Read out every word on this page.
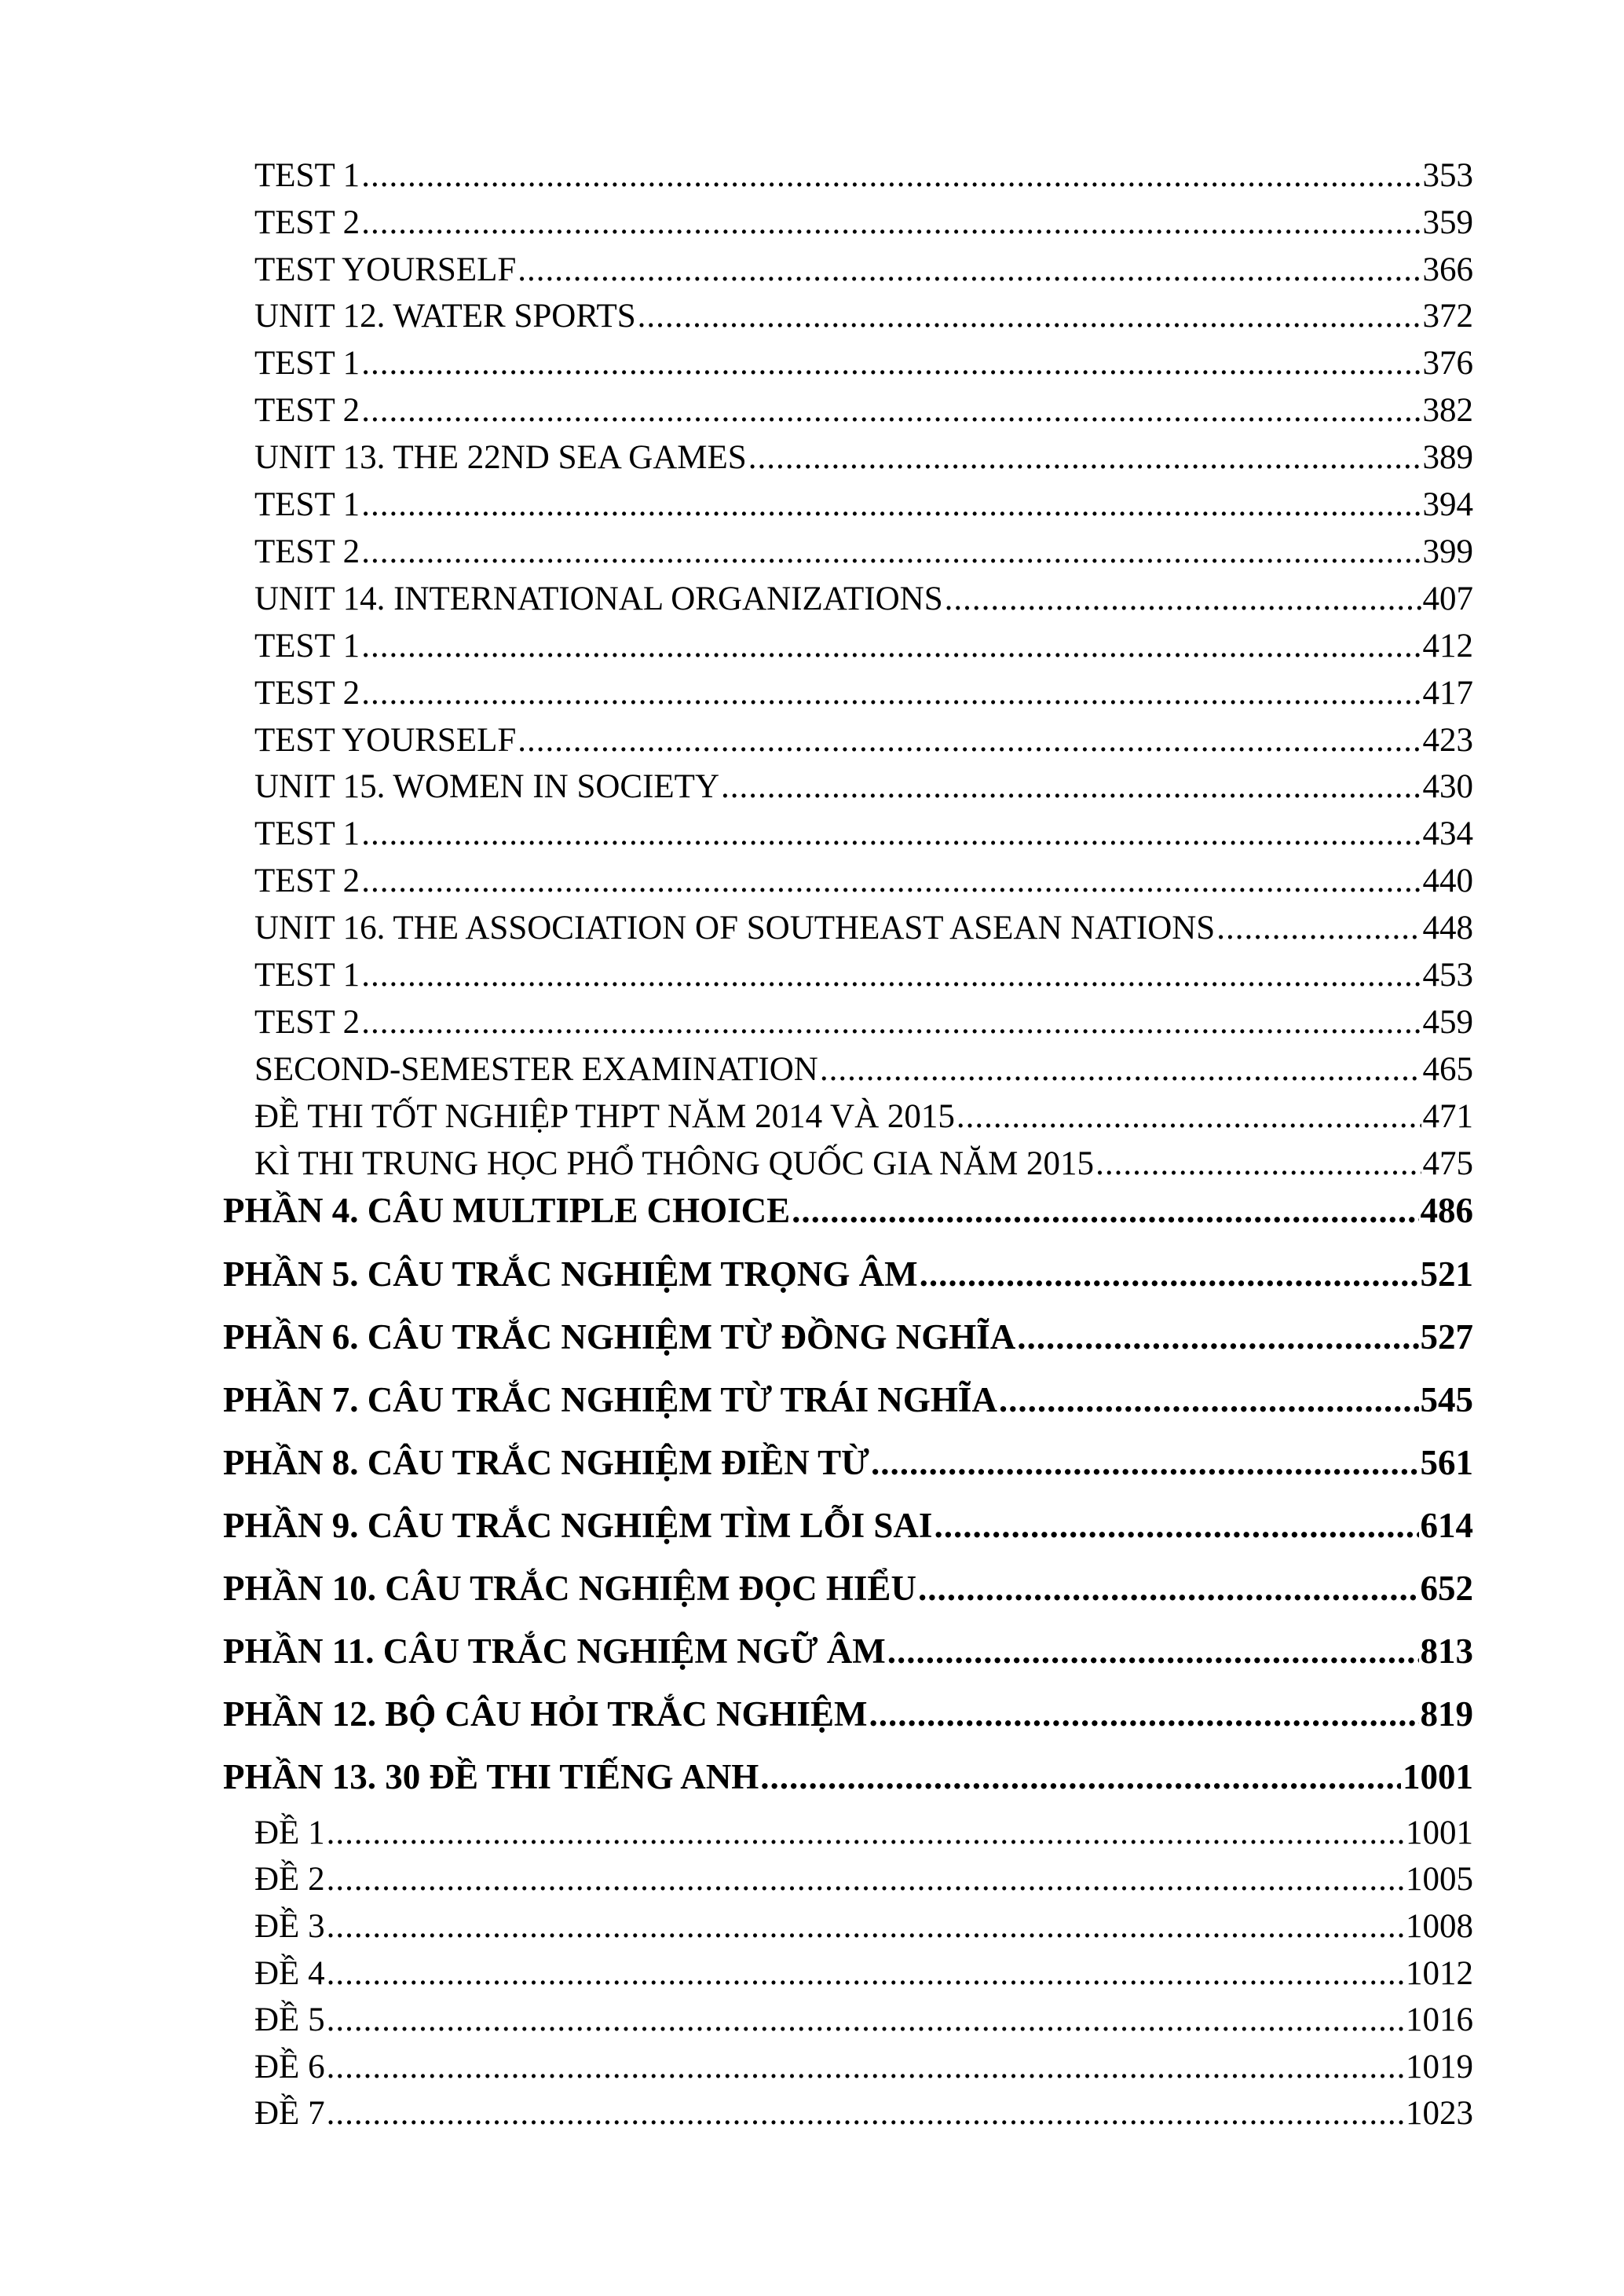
TEST 1 .....	353
TEST 2 .....	359
TEST YOURSELF .....	366
UNIT 12. WATER SPORTS .....	372
TEST 1 .....	376
TEST 2 .....	382
UNIT 13. THE 22ND SEA GAMES .....	389
TEST 1 .....	394
TEST 2 .....	399
UNIT 14. INTERNATIONAL ORGANIZATIONS .....	407
TEST 1 .....	412
TEST 2 .....	417
TEST YOURSELF .....	423
UNIT 15. WOMEN IN SOCIETY .....	430
TEST 1 .....	434
TEST 2 .....	440
UNIT 16. THE ASSOCIATION OF SOUTHEAST ASEAN NATIONS .....	448
TEST 1 .....	453
TEST 2 .....	459
SECOND-SEMESTER EXAMINATION .....	465
ĐỀ THI TỐT NGHIỆP THPT NĂM 2014 VÀ 2015 .....	471
KÌ THI TRUNG HỌC PHỔ THÔNG QUỐC GIA NĂM 2015 .....	475
PHẦN 4. CÂU MULTIPLE CHOICE .....	486
PHẦN 5. CÂU TRẮC NGHIỆM TRỌNG ÂM .....	521
PHẦN 6. CÂU TRẮC NGHIỆM TỪ ĐỒNG NGHĨA .....	527
PHẦN 7. CÂU TRẮC NGHIỆM TỪ TRÁI NGHĨA .....	545
PHẦN 8. CÂU TRẮC NGHIỆM ĐIỀN TỪ .....	561
PHẦN 9. CÂU TRẮC NGHIỆM TÌM LỖI SAI .....	614
PHẦN 10. CÂU TRẮC NGHIỆM ĐỌC HIỂU .....	652
PHẦN 11. CÂU TRẮC NGHIỆM NGỮ ÂM .....	813
PHẦN 12. BỘ CÂU HỎI TRẮC NGHIỆM .....	819
PHẦN 13. 30 ĐỀ THI TIẾNG ANH .....	1001
ĐỀ 1 .....	1001
ĐỀ 2 .....	1005
ĐỀ 3 .....	1008
ĐỀ 4 .....	1012
ĐỀ 5 .....	1016
ĐỀ 6 .....	1019
ĐỀ 7 .....	1023
